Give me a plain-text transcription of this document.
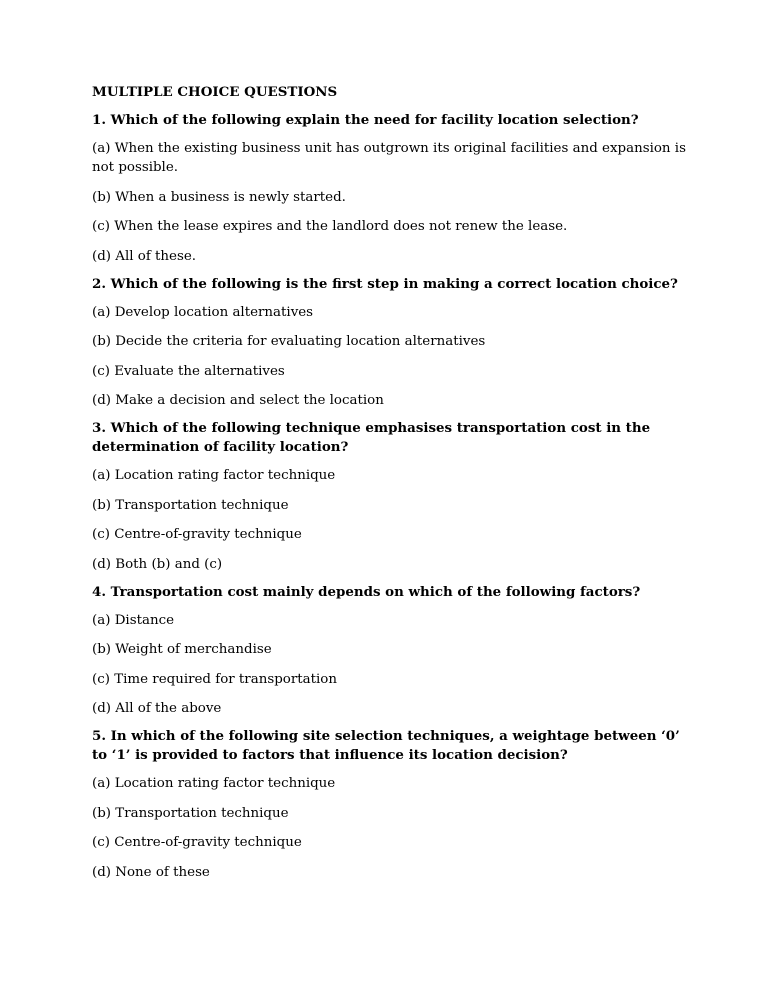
MULTIPLE CHOICE QUESTIONS
1. Which of the following explain the need for facility location selection?
(a) When the existing business unit has outgrown its original facilities and expansion is not possible.
(b) When a business is newly started.
(c) When the lease expires and the landlord does not renew the lease.
(d) All of these.
2. Which of the following is the first step in making a correct location choice?
(a) Develop location alternatives
(b) Decide the criteria for evaluating location alternatives
(c) Evaluate the alternatives
(d) Make a decision and select the location
3. Which of the following technique emphasises transportation cost in the determination of facility location?
(a) Location rating factor technique
(b) Transportation technique
(c) Centre-of-gravity technique
(d) Both (b) and (c)
4. Transportation cost mainly depends on which of the following factors?
(a) Distance
(b) Weight of merchandise
(c) Time required for transportation
(d) All of the above
5. In which of the following site selection techniques, a weightage between ‘0’ to ‘1’ is provided to factors that influence its location decision?
(a) Location rating factor technique
(b) Transportation technique
(c) Centre-of-gravity technique
(d) None of these
